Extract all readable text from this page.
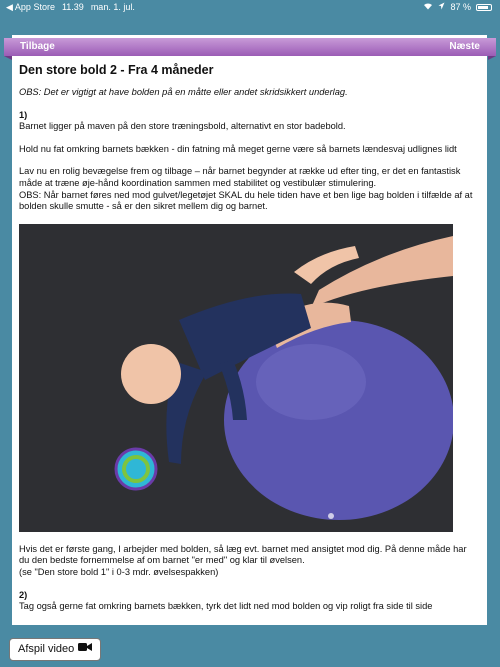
◀ App Store 11.39 man. 1. jul.	87 %
Den store bold 2 - Fra 4 måneder

OBS: Det er vigtigt at have bolden på en måtte eller andet skridsikkert underlag.

1)
Barnet ligger på maven på den store træningsbold, alternativt en stor badebold.

Hold nu fat omkring barnets bækken - din fatning må meget gerne være så barnets lændesvaj udlignes lidt

Lav nu en rolig bevægelse frem og tilbage – når barnet begynder at række ud efter ting, er det en fantastisk måde at træne øje-hånd koordination sammen med stabilitet og vestibulær stimulering.
OBS: Når barnet føres ned mod gulvet/legetøjet SKAL du hele tiden have et ben lige bag bolden i tilfælde af at bolden skulle smutte - så er den sikret mellem dig og barnet.

Hvis det er første gang, I arbejder med bolden, så læg evt. barnet med ansigtet mod dig. På denne måde har du den bedste fornemmelse af om barnet "er med" og klar til øvelsen.
(se "Den store bold 1" i 0-3 mdr. øvelsespakken)

2)
Tag også gerne fat omkring barnets bækken, tyrk det lidt ned mod bolden og vip roligt fra side til side

Tilbage	Næste
Afspil video
